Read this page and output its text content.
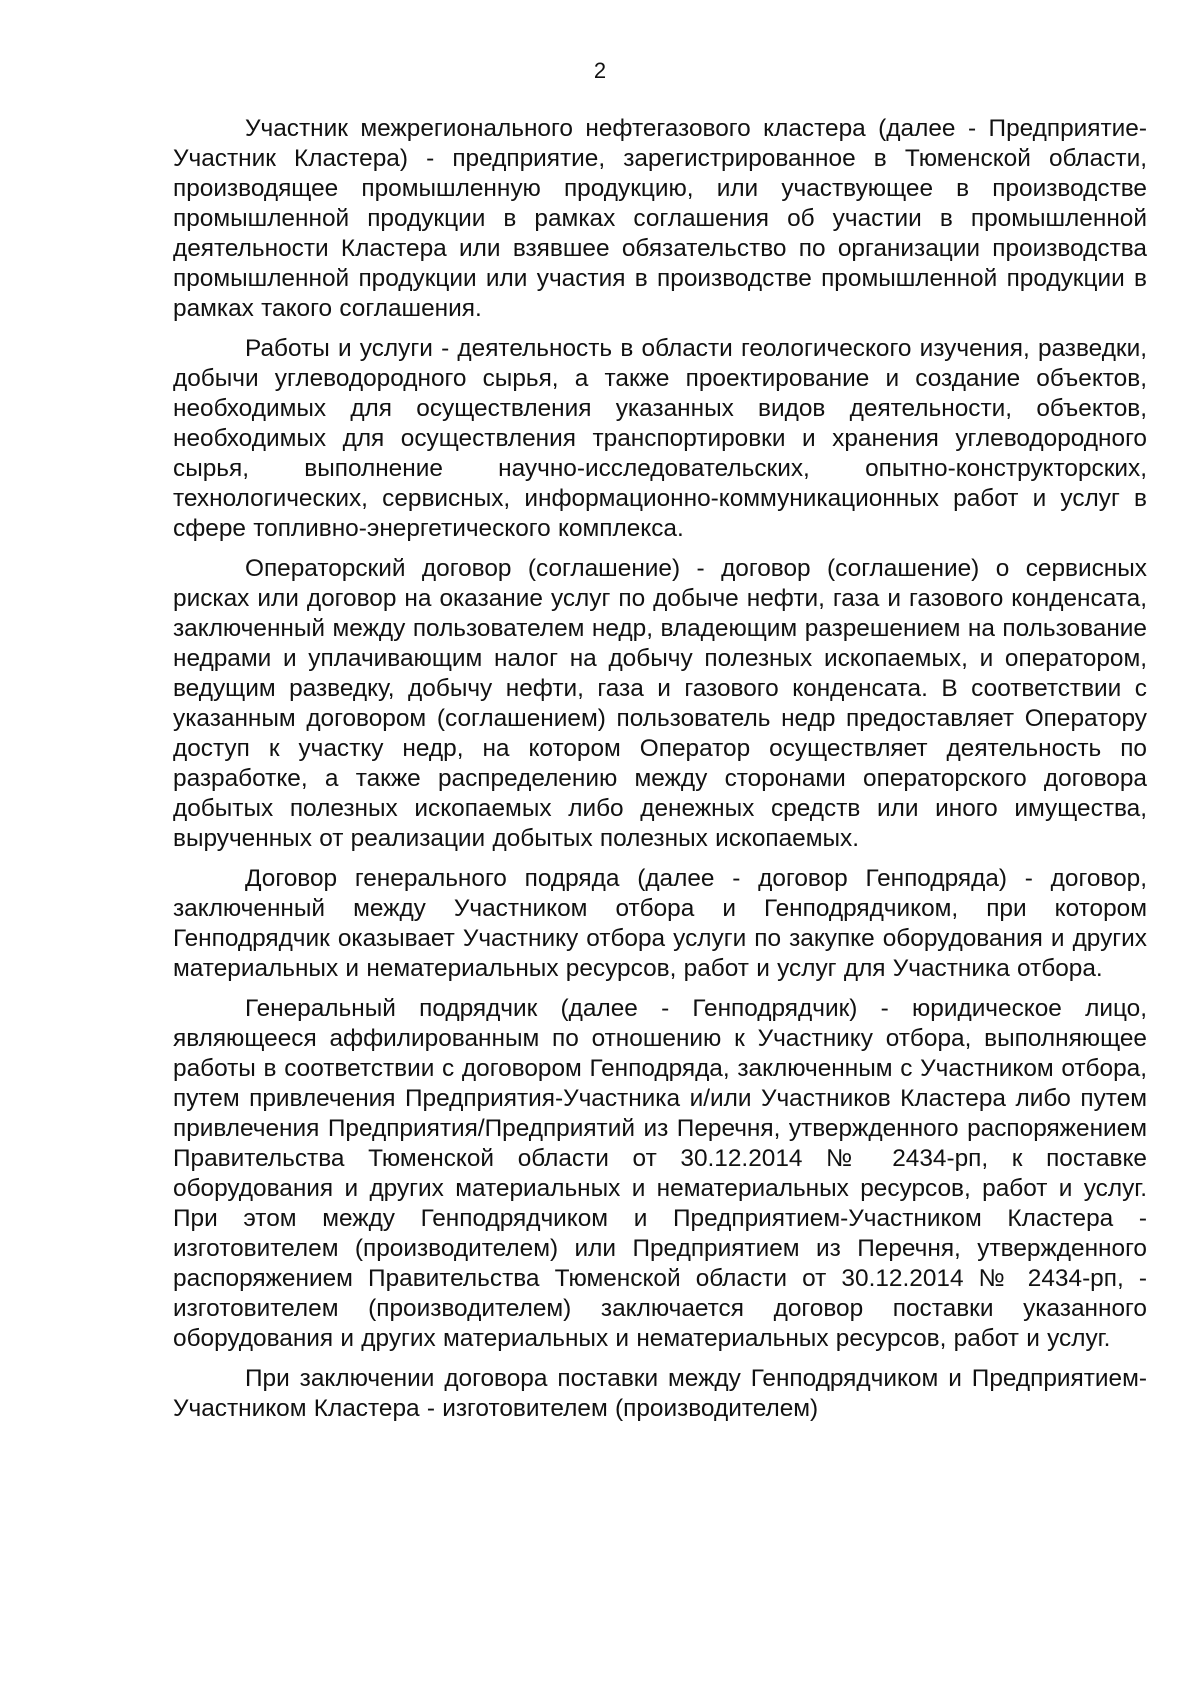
2

Участник межрегионального нефтегазового кластера (далее - Предприятие-Участник Кластера) - предприятие, зарегистрированное в Тюменской области, производящее промышленную продукцию, или участвующее в производстве промышленной продукции в рамках соглашения об участии в промышленной деятельности Кластера или взявшее обязательство по организации производства промышленной продукции или участия в производстве промышленной продукции в рамках такого соглашения.

Работы и услуги - деятельность в области геологического изучения, разведки, добычи углеводородного сырья, а также проектирование и создание объектов, необходимых для осуществления указанных видов деятельности, объектов, необходимых для осуществления транспортировки и хранения углеводородного сырья, выполнение научно-исследовательских, опытно-конструкторских, технологических, сервисных, информационно-коммуникационных работ и услуг в сфере топливно-энергетического комплекса.

Операторский договор (соглашение) - договор (соглашение) о сервисных рисках или договор на оказание услуг по добыче нефти, газа и газового конденсата, заключенный между пользователем недр, владеющим разрешением на пользование недрами и уплачивающим налог на добычу полезных ископаемых, и оператором, ведущим разведку, добычу нефти, газа и газового конденсата. В соответствии с указанным договором (соглашением) пользователь недр предоставляет Оператору доступ к участку недр, на котором Оператор осуществляет деятельность по разработке, а также распределению между сторонами операторского договора добытых полезных ископаемых либо денежных средств или иного имущества, вырученных от реализации добытых полезных ископаемых.

Договор генерального подряда (далее - договор Генподряда) - договор, заключенный между Участником отбора и Генподрядчиком, при котором Генподрядчик оказывает Участнику отбора услуги по закупке оборудования и других материальных и нематериальных ресурсов, работ и услуг для Участника отбора.

Генеральный подрядчик (далее - Генподрядчик) - юридическое лицо, являющееся аффилированным по отношению к Участнику отбора, выполняющее работы в соответствии с договором Генподряда, заключенным с Участником отбора, путем привлечения Предприятия-Участника и/или Участников Кластера либо путем привлечения Предприятия/Предприятий из Перечня, утвержденного распоряжением Правительства Тюменской области от 30.12.2014 № 2434-рп, к поставке оборудования и других материальных и нематериальных ресурсов, работ и услуг. При этом между Генподрядчиком и Предприятием-Участником Кластера - изготовителем (производителем) или Предприятием из Перечня, утвержденного распоряжением Правительства Тюменской области от 30.12.2014 № 2434-рп, - изготовителем (производителем) заключается договор поставки указанного оборудования и других материальных и нематериальных ресурсов, работ и услуг.

При заключении договора поставки между Генподрядчиком и Предприятием-Участником Кластера - изготовителем (производителем)
